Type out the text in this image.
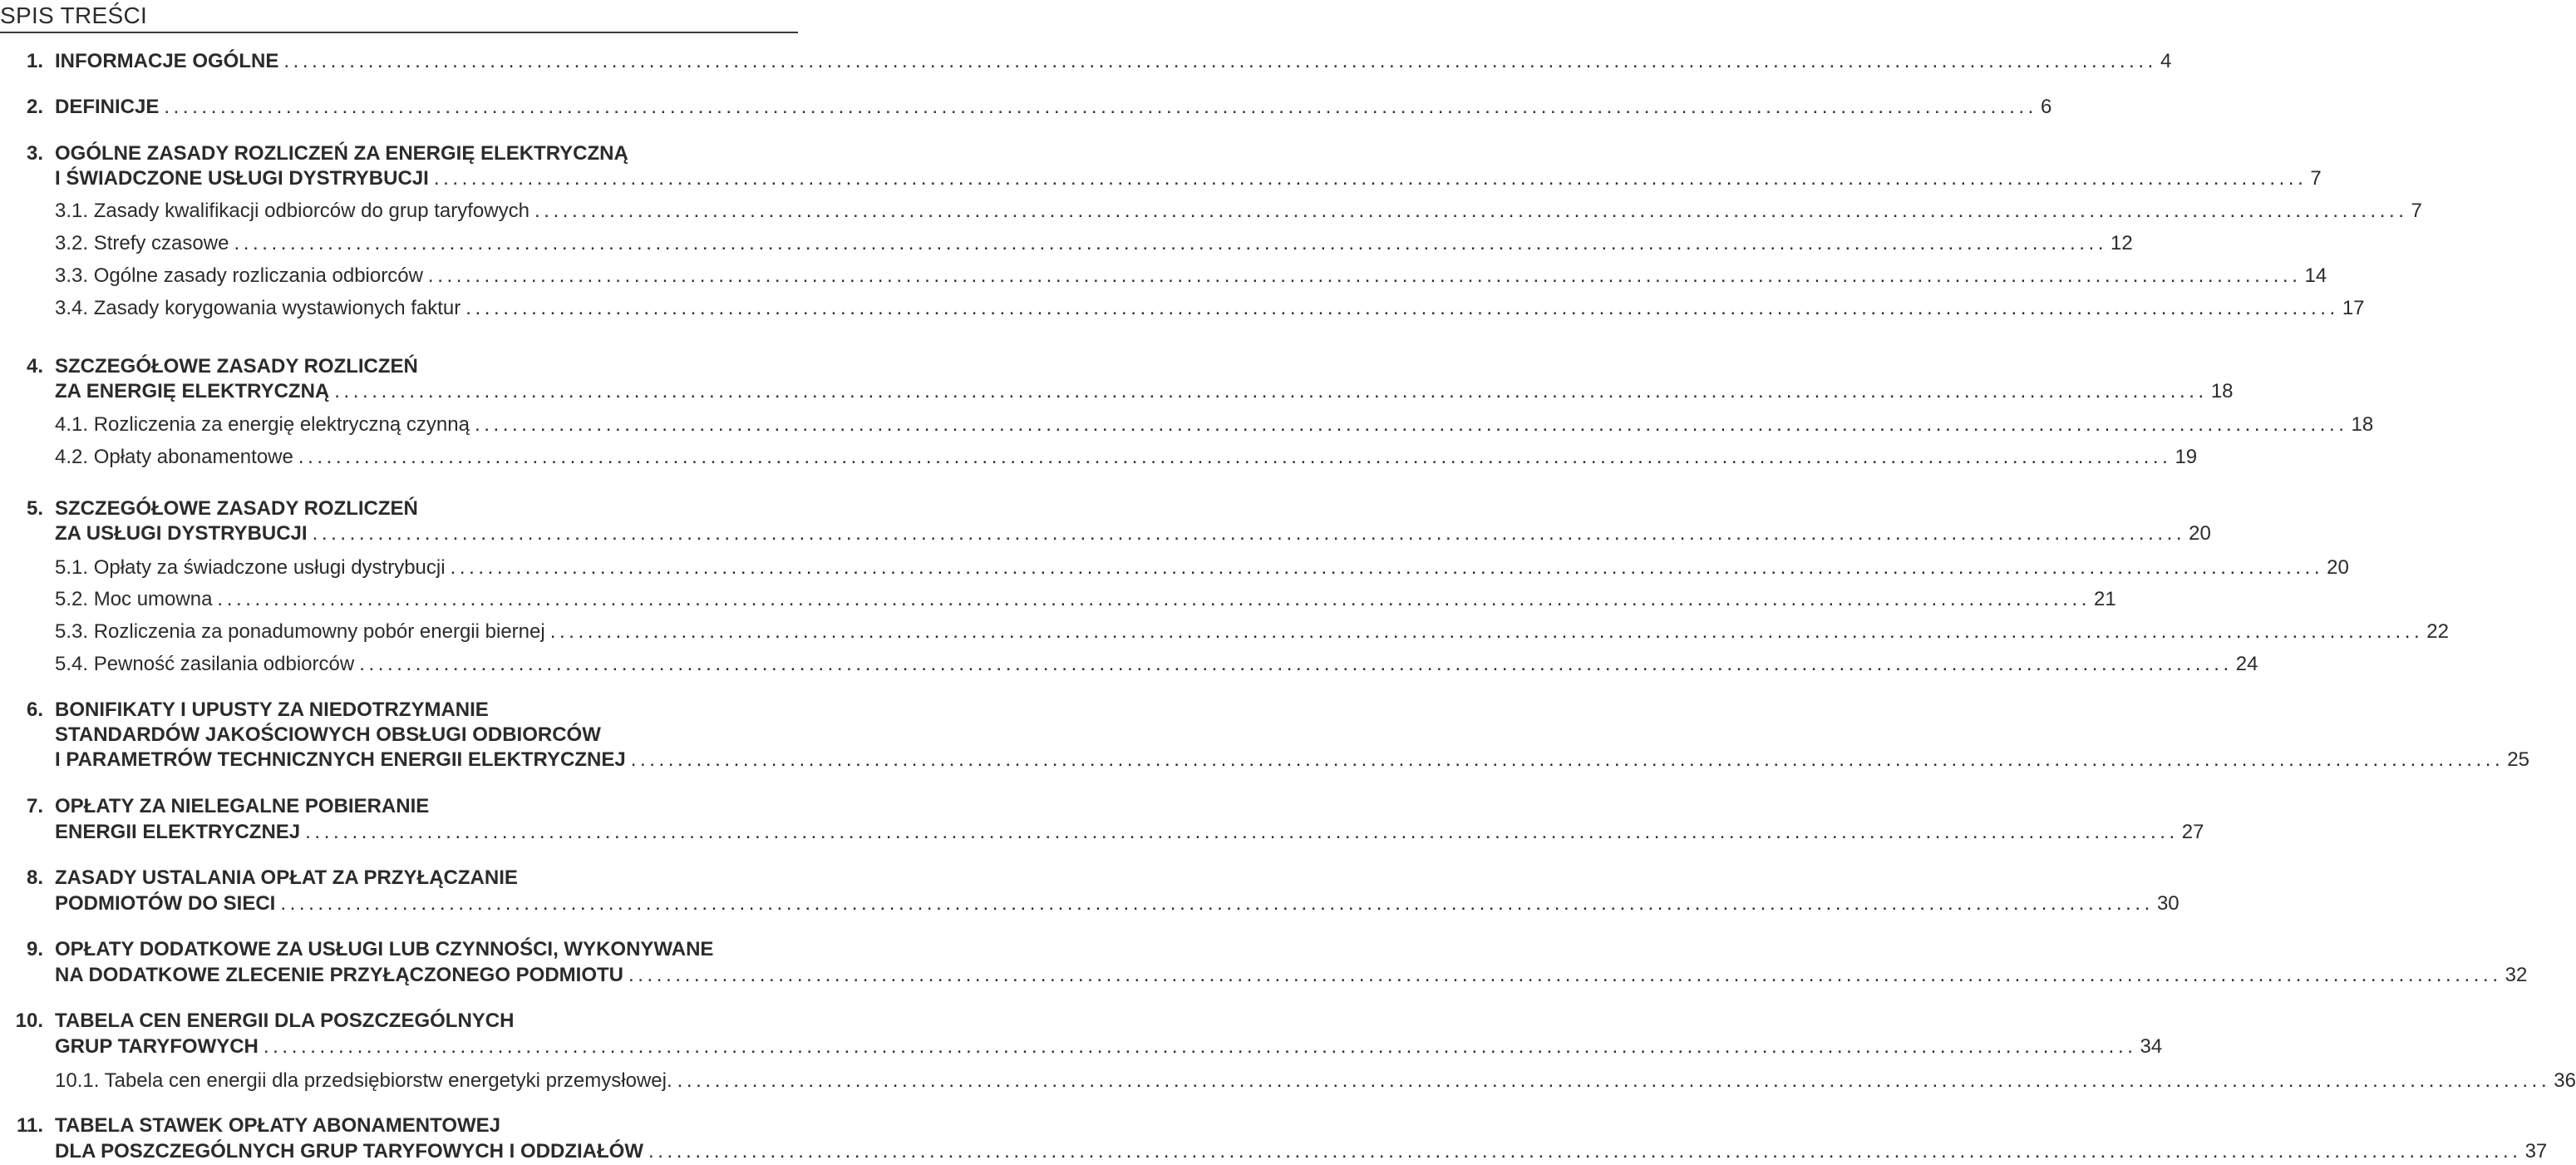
SPIS TREŚCI
1. INFORMACJE OGÓLNE ........................................................................................................................................................................................................ 4
2. DEFINICJE ........................................................................................................................................................................................................ 6
3. OGÓLNE ZASADY ROZLICZEŃ ZA ENERGIĘ ELEKTRYCZNĄ
I ŚWIADCZONE USŁUGI DYSTRYBUCJI ........................................................................................................................................................................................................ 7
3.1. Zasady kwalifikacji odbiorców do grup taryfowych ........................................................................................................................................................................................................ 7
3.2. Strefy czasowe ........................................................................................................................................................................................................ 12
3.3. Ogólne zasady rozliczania odbiorców ........................................................................................................................................................................................................ 14
3.4. Zasady korygowania wystawionych faktur ........................................................................................................................................................................................................ 17
4. SZCZEGÓŁOWE ZASADY ROZLICZEŃ
ZA ENERGIĘ ELEKTRYCZNĄ ........................................................................................................................................................................................................ 18
4.1. Rozliczenia za energię elektryczną czynną ........................................................................................................................................................................................................ 18
4.2. Opłaty abonamentowe ........................................................................................................................................................................................................ 19
5. SZCZEGÓŁOWE ZASADY ROZLICZEŃ
ZA USŁUGI DYSTRYBUCJI ........................................................................................................................................................................................................ 20
5.1. Opłaty za świadczone usługi dystrybucji ........................................................................................................................................................................................................ 20
5.2. Moc umowna ........................................................................................................................................................................................................ 21
5.3. Rozliczenia za ponadumowny pobór energii biernej ........................................................................................................................................................................................................ 22
5.4. Pewność zasilania odbiorców ........................................................................................................................................................................................................ 24
6. BONIFIKATY I UPUSTY ZA NIEDOTRZYMANIE
STANDARDÓW JAKOŚCIOWYCH OBSŁUGI ODBIORCÓW
I PARAMETRÓW TECHNICZNYCH ENERGII ELEKTRYCZNEJ ........................................................................................................................................................................................................ 25
7. OPŁATY ZA NIELEGALNE POBIERANIE
ENERGII ELEKTRYCZNEJ ........................................................................................................................................................................................................ 27
8. ZASADY USTALANIA OPŁAT ZA PRZYŁĄCZANIE
PODMIOTÓW DO SIECI ........................................................................................................................................................................................................ 30
9. OPŁATY DODATKOWE ZA USŁUGI LUB CZYNNOŚCI, WYKONYWANE
NA DODATKOWE ZLECENIE PRZYŁĄCZONEGO PODMIOTU ........................................................................................................................................................................................................ 32
10. TABELA CEN ENERGII DLA POSZCZEGÓLNYCH
GRUP TARYFOWYCH ........................................................................................................................................................................................................ 34
10.1. Tabela cen energii dla przedsiębiorstw energetyki przemysłowej. ........................................................................................................................................................................................................ 36
11. TABELA STAWEK OPŁATY ABONAMENTOWEJ
DLA POSZCZEGÓLNYCH GRUP TARYFOWYCH I ODDZIAŁÓW ........................................................................................................................................................................................................ 37
